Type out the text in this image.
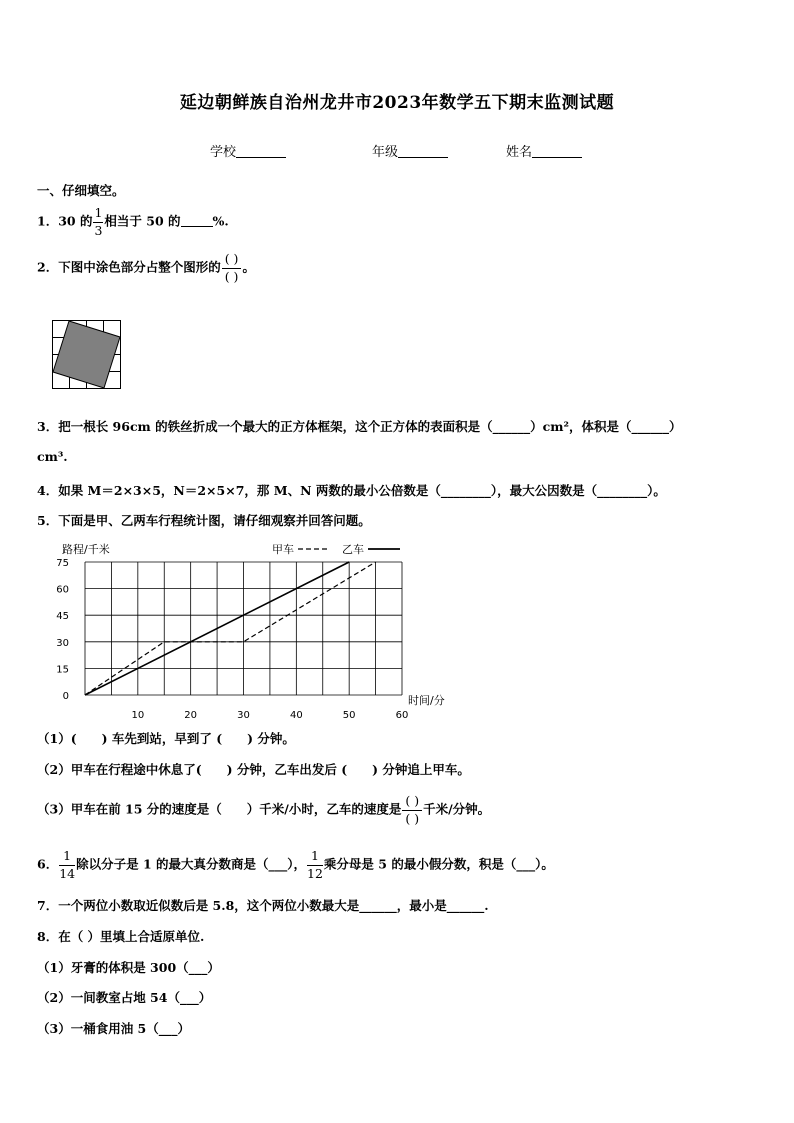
延边朝鲜族自治州龙井市2023年数学五下期末监测试题
学校	年级	姓名
一、仔细填空。
1．30 的 $\frac{1}{3}$ 相当于 50 的	%.
2．下图中涂色部分占整个图形的 $\frac{( )}{( )}$ 。
3．把一根长 96cm 的铁丝折成一个最大的正方体框架，这个正方体的表面积是（______）cm²，体积是（______）
cm³.
4．如果 M＝2×3×5，N＝2×5×7，那 M、N 两数的最小公倍数是（________），最大公因数是（________）。
5．下面是甲、乙两车行程统计图，请仔细观察并回答问题。
0
15
30
45
60
75
10	20	30	40	50	60
路程/千米
时间/分
甲车	乙车
（1）(　　) 车先到站，早到了 (　　) 分钟。
（2）甲车在行程途中休息了(　　) 分钟，乙车出发后 (　　) 分钟追上甲车。
（3）甲车在前 15 分的速度是（　　）千米/小时，乙车的速度是 $\frac{( )}{( )}$ 千米/分钟。
6． $\frac{1}{14}$ 除以分子是 1 的最大真分数商是（___）， $\frac{1}{12}$ 乘分母是 5 的最小假分数，积是（___）。
7．一个两位小数取近似数后是 5.8，这个两位小数最大是______，最小是______.
8．在（ ）里填上合适原单位.
（1）牙膏的体积是 300（___）
（2）一间教室占地 54（___）
（3）一桶食用油 5（___）
